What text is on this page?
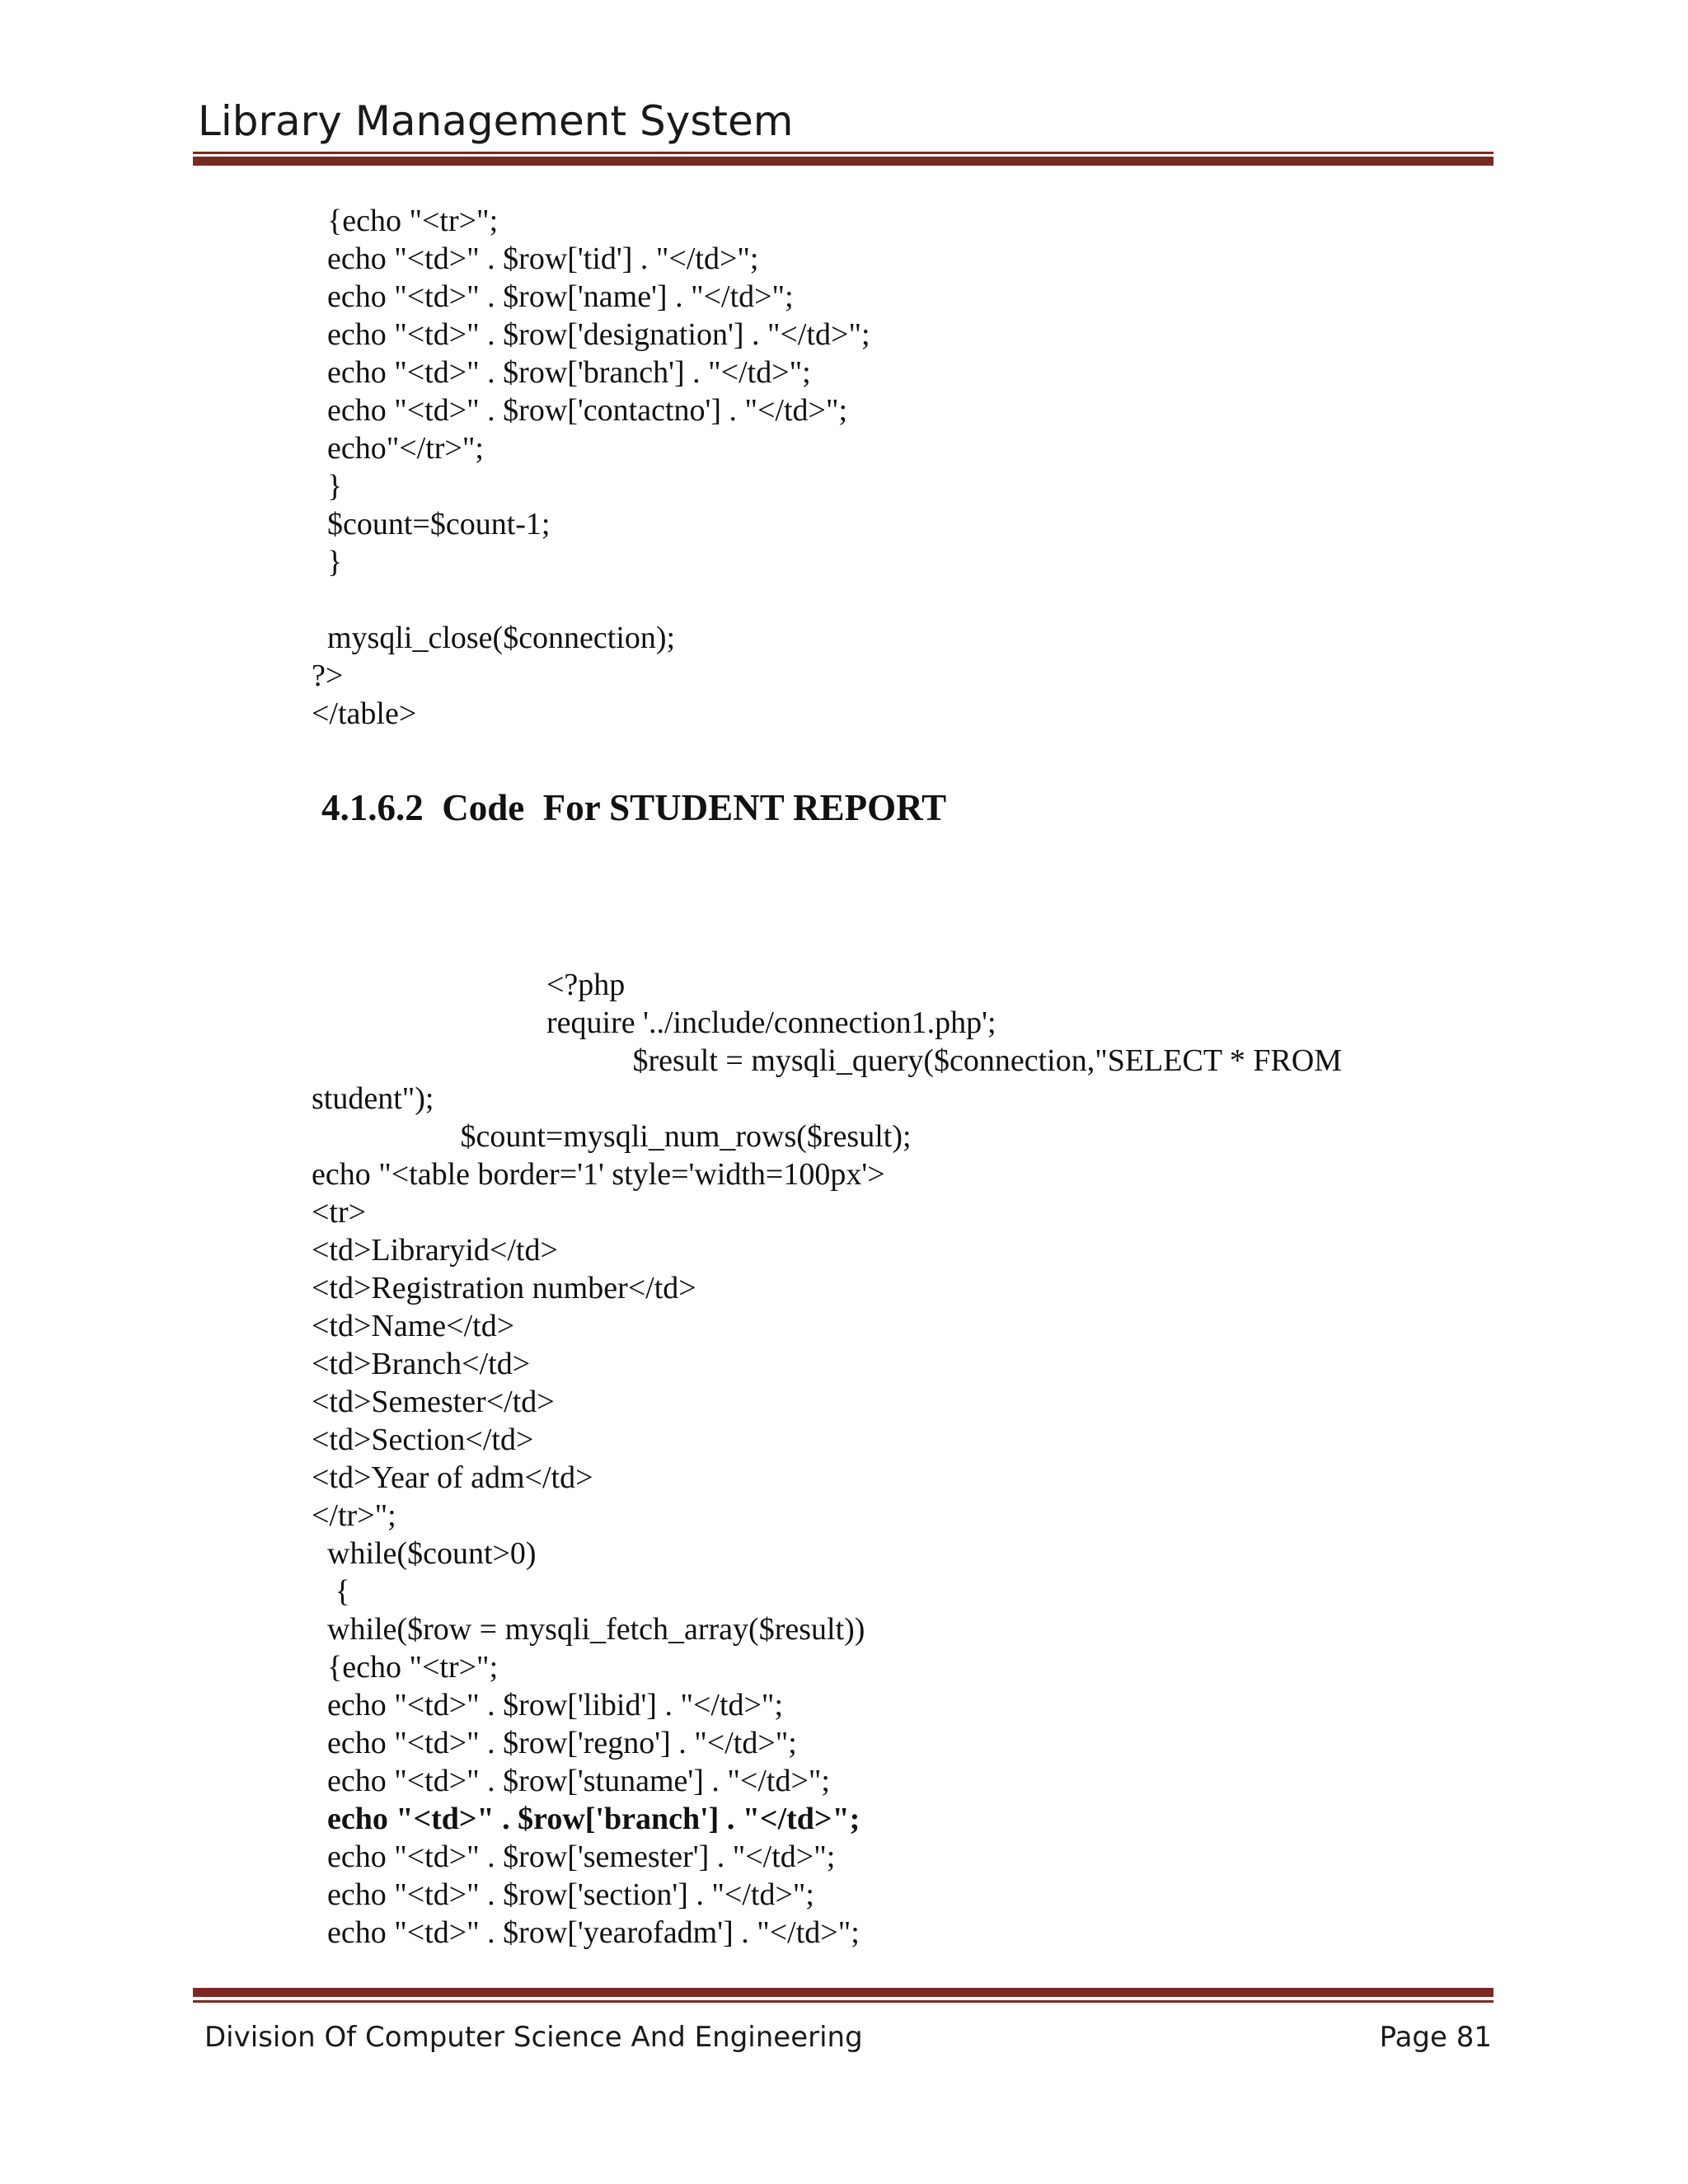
Library Management System
{echo "<tr>";
echo "<td>" . $row['tid'] . "</td>";
echo "<td>" . $row['name'] . "</td>";
echo "<td>" . $row['designation'] . "</td>";
echo "<td>" . $row['branch'] . "</td>";
echo "<td>" . $row['contactno'] . "</td>";
echo"</tr>";
}
$count=$count-1;
}
mysqli_close($connection);
?>
</table>
4.1.6.2 Code  For STUDENT REPORT
<?php
require '../include/connection1.php';
$result = mysqli_query($connection,"SELECT * FROM
student");
$count=mysqli_num_rows($result);
echo "<table border='1' style='width=100px'>
<tr>
<td>Libraryid</td>
<td>Registration number</td>
<td>Name</td>
<td>Branch</td>
<td>Semester</td>
<td>Section</td>
<td>Year of adm</td>
</tr>";
while($count>0)
{
while($row = mysqli_fetch_array($result))
{echo "<tr>";
echo "<td>" . $row['libid'] . "</td>";
echo "<td>" . $row['regno'] . "</td>";
echo "<td>" . $row['stuname'] . "</td>";
echo "<td>" . $row['branch'] . "</td>";
echo "<td>" . $row['semester'] . "</td>";
echo "<td>" . $row['section'] . "</td>";
echo "<td>" . $row['yearofadm'] . "</td>";
Division Of Computer Science And Engineering	Page 81
